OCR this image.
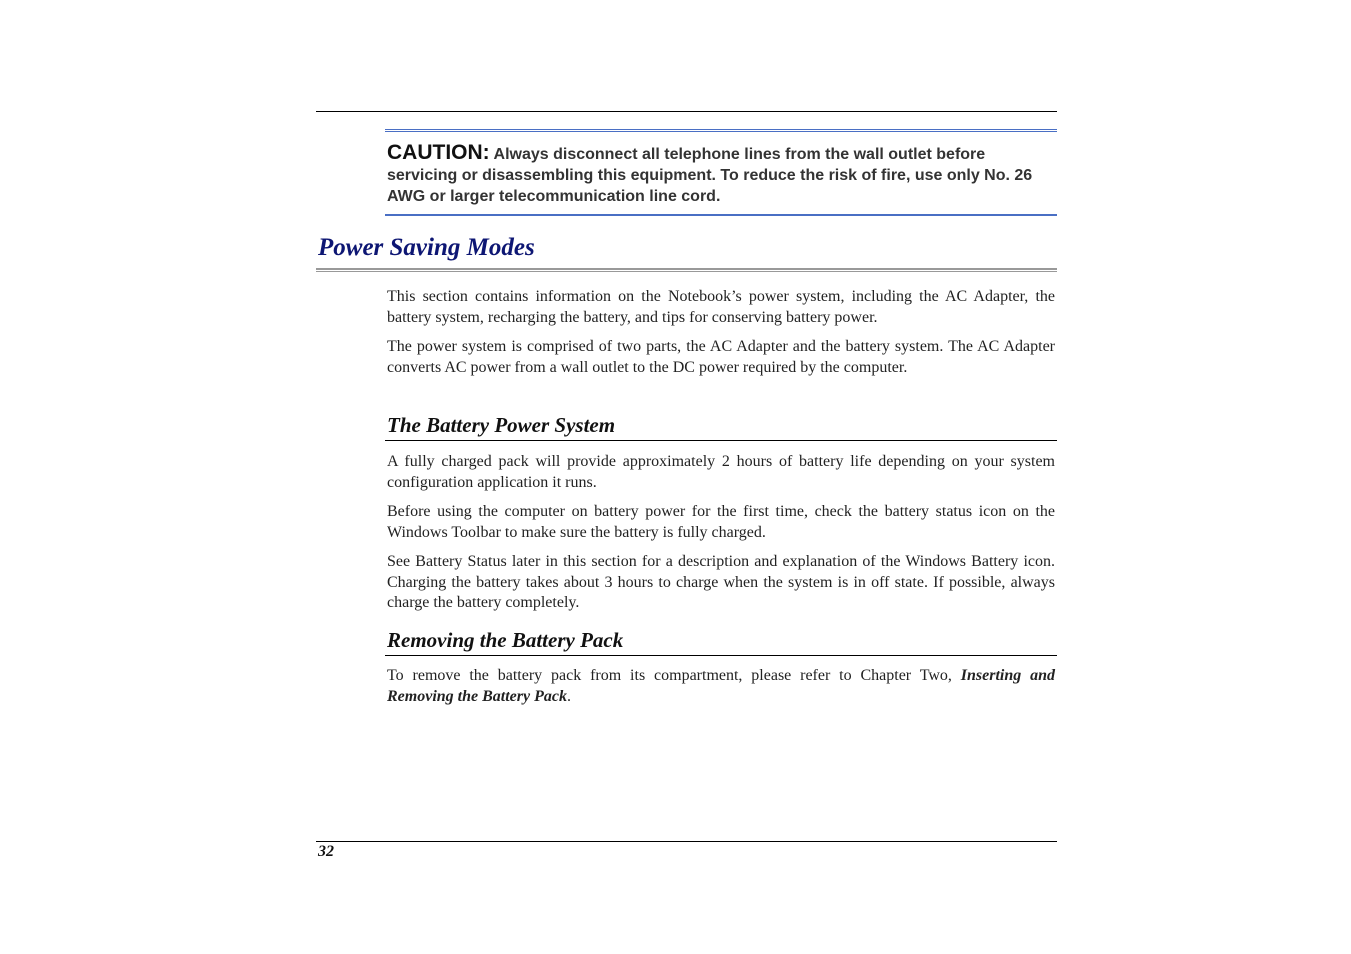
CAUTION: Always disconnect all telephone lines from the wall outlet before servicing or disassembling this equipment. To reduce the risk of fire, use only No. 26 AWG or larger telecommunication line cord.
Power Saving Modes

This section contains information on the Notebook’s power system, including the AC Adapter, the battery system, recharging the battery, and tips for conserving battery power.

The power system is comprised of two parts, the AC Adapter and the battery system. The AC Adapter converts AC power from a wall outlet to the DC power required by the computer.

The Battery Power System

A fully charged pack will provide approximately 2 hours of battery life depending on your system configuration application it runs.

Before using the computer on battery power for the first time, check the battery status icon on the Windows Toolbar to make sure the battery is fully charged.

See Battery Status later in this section for a description and explanation of the Windows Battery icon. Charging the battery takes about 3 hours to charge when the system is in off state. If possible, always charge the battery completely.

Removing the Battery Pack

To remove the battery pack from its compartment, please refer to Chapter Two, Inserting and Removing the Battery Pack.

32
